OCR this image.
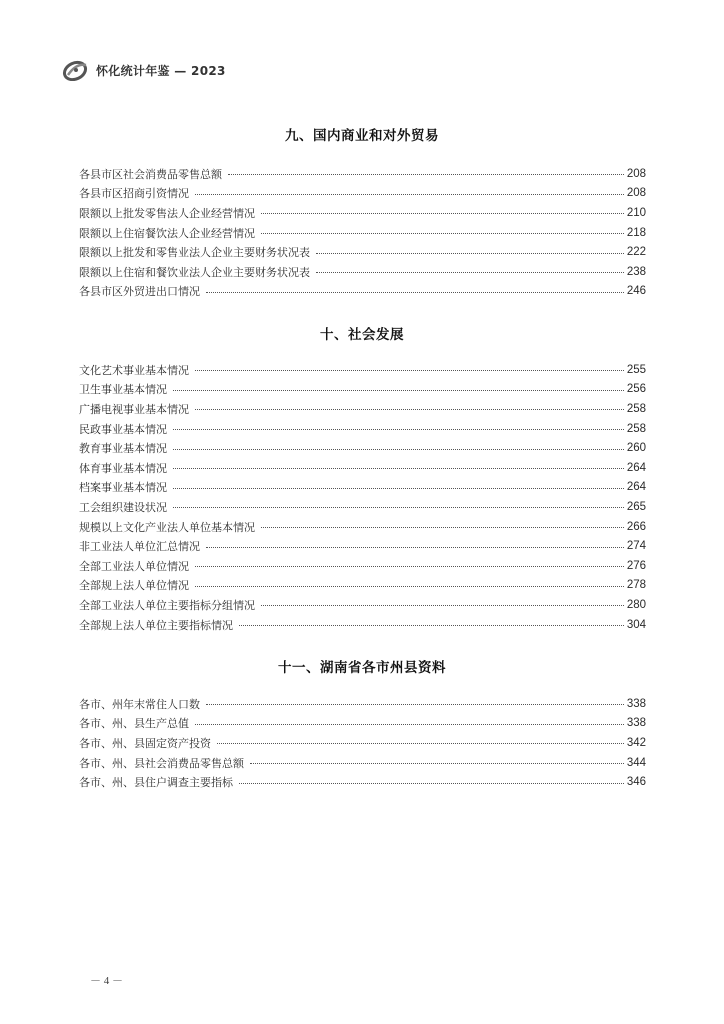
怀化统计年鉴 — 2023
九、国内商业和对外贸易
各县市区社会消费品零售总额	208
各县市区招商引资情况	208
限额以上批发零售法人企业经营情况	210
限额以上住宿餐饮法人企业经营情况	218
限额以上批发和零售业法人企业主要财务状况表	222
限额以上住宿和餐饮业法人企业主要财务状况表	238
各县市区外贸进出口情况	246
十、社会发展
文化艺术事业基本情况	255
卫生事业基本情况	256
广播电视事业基本情况	258
民政事业基本情况	258
教育事业基本情况	260
体育事业基本情况	264
档案事业基本情况	264
工会组织建设状况	265
规模以上文化产业法人单位基本情况	266
非工业法人单位汇总情况	274
全部工业法人单位情况	276
全部规上法人单位情况	278
全部工业法人单位主要指标分组情况	280
全部规上法人单位主要指标情况	304
十一、湖南省各市州县资料
各市、州年末常住人口数	338
各市、州、县生产总值	338
各市、州、县固定资产投资	342
各市、州、县社会消费品零售总额	344
各市、州、县住户调查主要指标	346
－ 4 －
